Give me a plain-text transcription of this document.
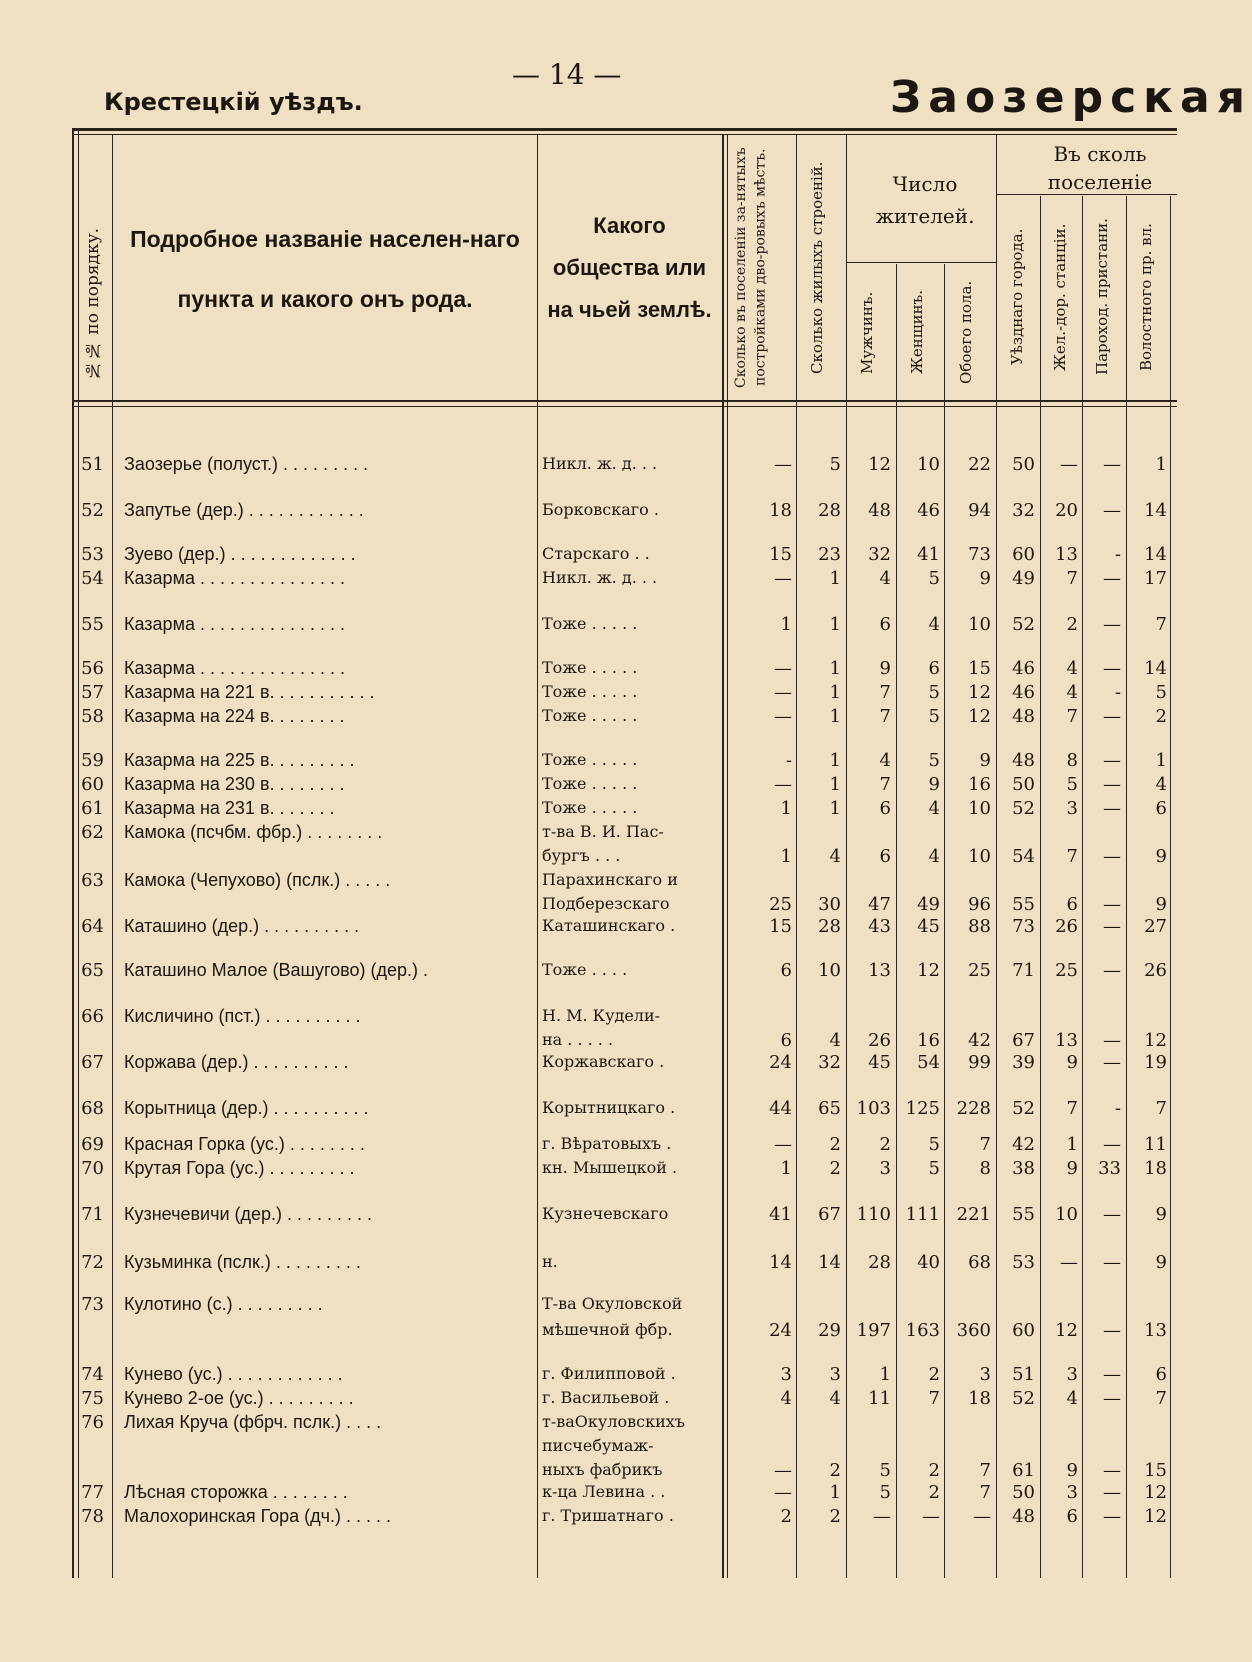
Крестецкій уѣздъ.
— 14 —	Заозерская
№№ по порядку. Подробное названіе населен-наго пункта и какого онъ рода.
Какого общества или на чьей землѣ.	Сколько въ поселеніи за-нятыхъ постройками дво-ровыхъ мѣстъ.	Сколько жилыхъ строеній.	Число жителей.
Мужчинъ. Женщинъ. Обоего пола.
Въ сколь поселеніе
Уѣзднаго города. Жел.-дор. станціи. Пароход. пристани. Волостного пр. вл.
51 Заозерье (полуст.) . . . . . . . . .	Никл. ж. д. . .	—	5	12	10	22	50	—	—	1
52 Запутье (дер.) . . . . . . . . . . . .	Борковскаго .	18	28	48	46	94	32	20	—	14
53 Зуево (дер.) . . . . . . . . . . . . .	Старскаго . .	15	23	32	41	73	60	13	-	14
54 Казарма . . . . . . . . . . . . . . .	Никл. ж. д. . .	—	1	4	5	9	49	7	—	17
55 Казарма . . . . . . . . . . . . . . .	Тоже . . . . .	1	1	6	4	10	52	2	—	7
56 Казарма . . . . . . . . . . . . . . .	Тоже . . . . .	—	1	9	6	15	46	4	—	14
57 Казарма на 221 в. . . . . . . . . . .	Тоже . . . . .	—	1	7	5	12	46	4	-	5
58 Казарма на 224 в. . . . . . . .	Тоже . . . . .	—	1	7	5	12	48	7	—	2
59 Казарма на 225 в. . . . . . . . .	Тоже . . . . .	-	1	4	5	9	48	8	—	1
60 Казарма на 230 в. . . . . . . .	Тоже . . . . .	—	1	7	9	16	50	5	—	4
61 Казарма на 231 в. . . . . . .	Тоже . . . . .	1	1	6	4	10	52	3	—	6
62 Камока (псчбм. фбр.) . . . . . . . .	т-ва В. И. Пас-
бургъ . . .	1	4	6	4	10	54	7	—	9
63 Камока (Чепухово) (пслк.) . . . . .	Парахинскаго и
Подберезскаго	25	30	47	49	96	55	6	—	9
64 Каташино (дер.) . . . . . . . . . .	Каташинскаго .	15	28	43	45	88	73	26	—	27
65 Каташино Малое (Вашугово) (дер.) .	Тоже . . . .	6	10	13	12	25	71	25	—	26
66 Кисличино (пст.) . . . . . . . . . .	Н. М. Кудели-
на . . . . .	6	4	26	16	42	67	13	—	12
67 Коржава (дер.) . . . . . . . . . .	Коржавскаго .	24	32	45	54	99	39	9	—	19
68 Корытница (дер.) . . . . . . . . . .	Корытницкаго .	44	65 103 125 228	52	7	-	7
69 Красная Горка (ус.) . . . . . . . .	г. Вѣратовыхъ .	—	2	2	5	7	42	1	—	11
70 Крутая Гора (ус.) . . . . . . . . .	кн. Мышецкой .	1	2	3	5	8	38	9	33	18
71 Кузнечевичи (дер.) . . . . . . . . .	Кузнечевскаго	41	67 110 111 221	55	10	—	9
72 Кузьминка (пслк.) . . . . . . . . .	н.	14	14	28	40	68	53	—	—	9
73 Кулотино (с.) . . . . . . . . .	Т-ва Окуловской
мѣшечной фбр.	24	29 197 163 360	60	12	—	13
74 Кунево (ус.) . . . . . . . . . . . .	г. Филипповой .	3	3	1	2	3	51	3	—	6
75 Кунево 2-ое (ус.) . . . . . . . . .	г. Васильевой .	4	4	11	7	18	52	4	—	7
76 Лихая Круча (фбрч. пслк.) . . . .	т-ваОкуловскихъ
писчебумаж-
ныхъ фабрикъ	—	2	5	2	7	61	9	—	15
77 Лѣсная сторожка . . . . . . . .	к-ца Левина . .	—	1	5	2	7	50	3	—	12
78 Малохоринская Гора (дч.) . . . . .	г. Тришатнаго .	2	2	—	—	—	48	6	—	12
